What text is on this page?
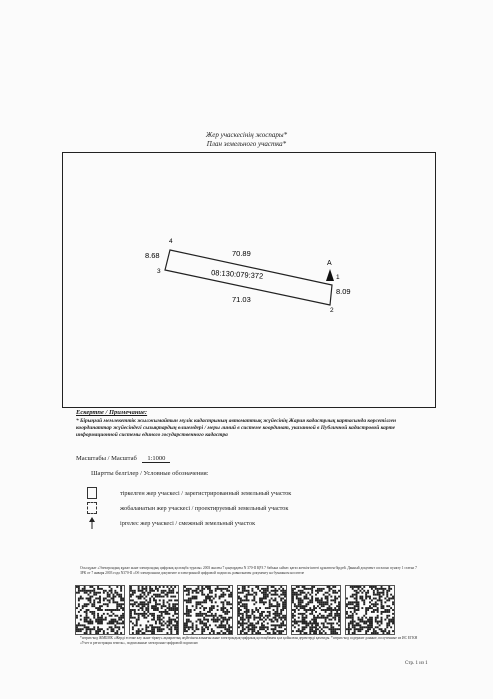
Жер учаскесінің жоспары*
План земельного участка*
70.89
71.03
8.68
8.09
08:130:079:372	1
2
3
4
A
Ескертпе / Примечание:
* Бірыңғай мемлекеттік жылжымайтын мүлік кадастрының автоматтық жүйесінің Жария кадастрлық картасында көрсетілген координаттар жүйесіндегі сызықтардың өлшемдері / меры линий в системе координат, указанной в Публичной кадастровой карте информационной системы единого государственного кадастра
Масштабы / Масштаб 1:1000
Шартты белгілер / Условные обозначения:
тіркелген жер учаскесі / зарегистрированный земельный участок
жобаланатын жер учаскесі / проектируемый земельный участок
іргелес жер учаскесі / смежный земельный участок
Осы құжат «Электрондық құжат және электрондық цифрлық қолтаңба туралы» 2003 жылғы 7 қаңтардағы N 370-II ҚРЗ 7 бабына сәйкес қағаз жеткізгіштегі құжатпен бірдей. Данный документ согласно пункту 1 статьи 7 ЗРК от 7 января 2003 года N370-II «Об электронном документе и электронной цифровой подписи» равнозначен документу на бумажном носителе
*штрих-код ЖМБМК «Жерді есепке алу және тіркеу» ақпараттық жүйесінен алынған және электрондық-цифрлық қолтаңбамен қол қойылған деректерді қамтиды. *штрих-код содержит данные, полученные из ИС ЕГКН «Учет и регистрация земель», подписанные электронно-цифровой подписью
Стр. 1 из 1
